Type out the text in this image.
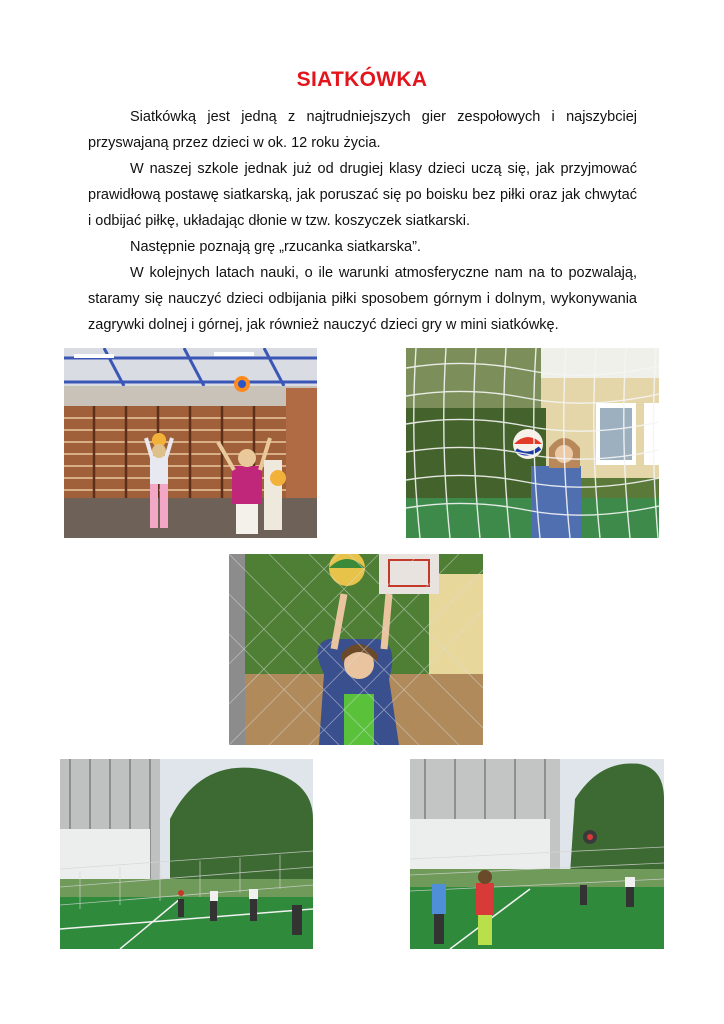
SIATKÓWKA

Siatkówką jest jedną z najtrudniejszych gier zespołowych i najszybciej przyswajaną przez dzieci w ok. 12 roku życia.

W naszej szkole jednak już od drugiej klasy dzieci uczą się, jak przyjmować prawidłową postawę siatkarską, jak poruszać się po boisku bez piłki oraz jak chwytać i odbijać piłkę, układając dłonie w tzw. koszyczek siatkarski.

Następnie poznają grę „rzucanka siatkarska”.

W kolejnych latach nauki, o ile warunki atmosferyczne nam na to pozwalają, staramy się nauczyć dzieci odbijania piłki sposobem górnym i dolnym, wykonywania zagrywki dolnej i górnej, jak również nauczyć dzieci gry w mini siatkówkę.
